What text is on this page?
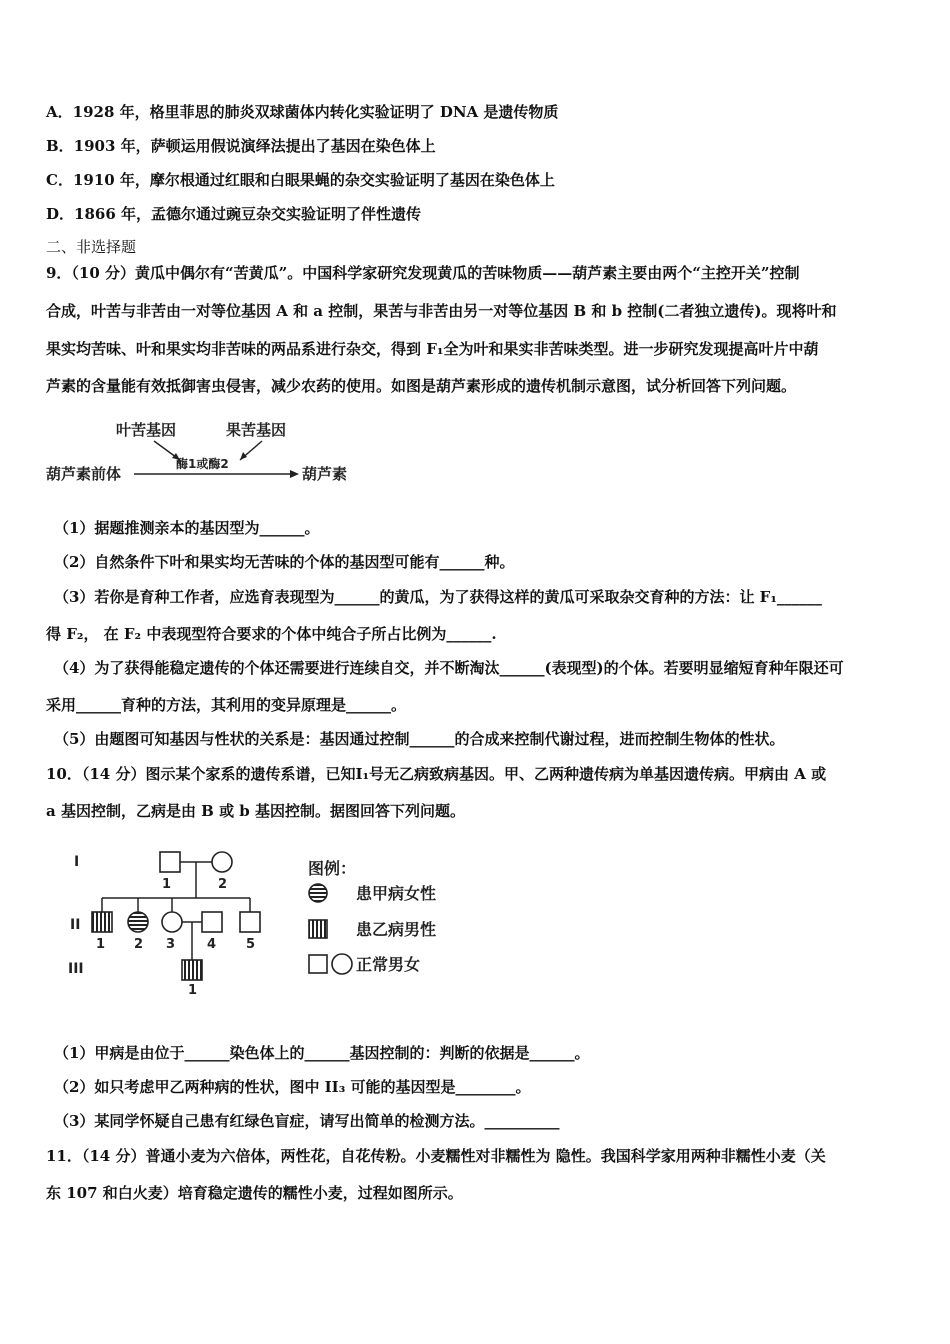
A．1928 年，格里菲思的肺炎双球菌体内转化实验证明了 DNA 是遗传物质
B．1903 年，萨顿运用假说演绎法提出了基因在染色体上
C．1910 年，摩尔根通过红眼和白眼果蝇的杂交实验证明了基因在染色体上
D．1866 年，孟德尔通过豌豆杂交实验证明了伴性遗传
二、非选择题
9．（10 分）黄瓜中偶尔有“苦黄瓜”。中国科学家研究发现黄瓜的苦味物质——葫芦素主要由两个“主控开关”控制
合成，叶苦与非苦由一对等位基因 A 和 a 控制，果苦与非苦由另一对等位基因 B 和 b 控制(二者独立遗传)。现将叶和
果实均苦味、叶和果实均非苦味的两品系进行杂交，得到 F₁全为叶和果实非苦味类型。进一步研究发现提高叶片中葫
芦素的含量能有效抵御害虫侵害，减少农药的使用。如图是葫芦素形成的遗传机制示意图，试分析回答下列问题。
叶苦基因	果苦基因
酶1或酶2
葫芦素前体	葫芦素
（1）据题推测亲本的基因型为______。
（2）自然条件下叶和果实均无苦味的个体的基因型可能有______种。
（3）若你是育种工作者，应选育表现型为______的黄瓜，为了获得这样的黄瓜可采取杂交育种的方法：让 F₁______
得 F₂， 在 F₂ 中表现型符合要求的个体中纯合子所占比例为______.
（4）为了获得能稳定遗传的个体还需要进行连续自交，并不断淘汰______(表现型)的个体。若要明显缩短育种年限还可
采用______育种的方法，其利用的变异原理是______。
（5）由题图可知基因与性状的关系是：基因通过控制______的合成来控制代谢过程，进而控制生物体的性状。
10．（14 分）图示某个家系的遗传系谱，已知Ⅰ₁号无乙病致病基因。甲、乙两种遗传病为单基因遗传病。甲病由 A 或
a 基因控制，乙病是由 B 或 b 基因控制。据图回答下列问题。
I
II
III
1	2
1 2 3 4 5
1
图例：
患甲病女性
患乙病男性
正常男女
（1）甲病是由位于______染色体上的______基因控制的：判断的依据是______。
（2）如只考虑甲乙两种病的性状，图中 II₃ 可能的基因型是________。
（3）某同学怀疑自己患有红绿色盲症，请写出简单的检测方法。__________
11．（14 分）普通小麦为六倍体，两性花，自花传粉。小麦糯性对非糯性为 隐性。我国科学家用两种非糯性小麦（关
东 107 和白火麦）培育稳定遗传的糯性小麦，过程如图所示。
